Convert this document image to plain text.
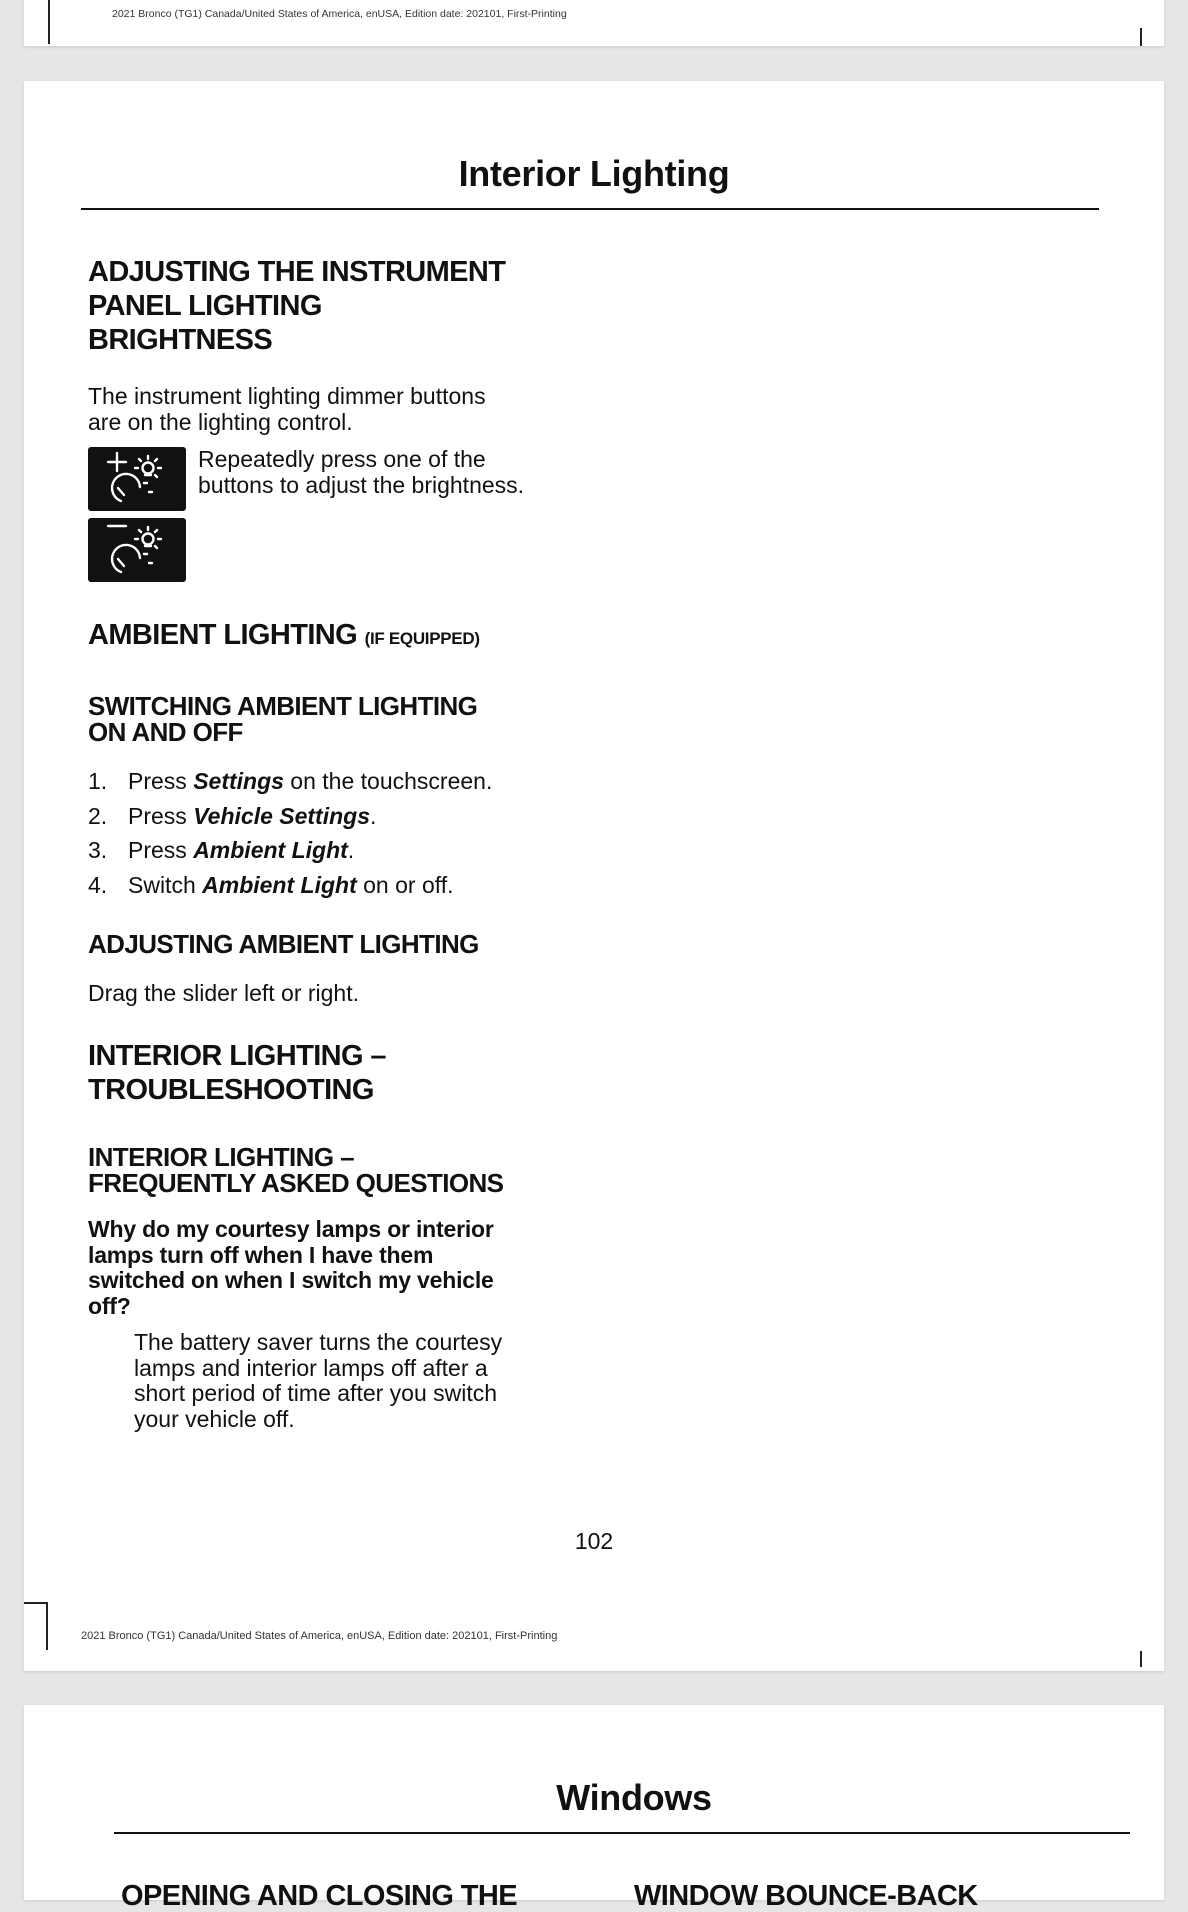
2021 Bronco (TG1) Canada/United States of America, enUSA, Edition date: 202101, First-Printing
Interior Lighting
ADJUSTING THE INSTRUMENT
PANEL LIGHTING
BRIGHTNESS
The instrument lighting dimmer buttons
are on the lighting control.
Repeatedly press one of the
buttons to adjust the brightness.
AMBIENT LIGHTING (IF EQUIPPED)
SWITCHING AMBIENT LIGHTING
ON AND OFF
1. Press Settings on the touchscreen.
2. Press Vehicle Settings.
3. Press Ambient Light.
4. Switch Ambient Light on or off.
ADJUSTING AMBIENT LIGHTING
Drag the slider left or right.
INTERIOR LIGHTING –
TROUBLESHOOTING
INTERIOR LIGHTING –
FREQUENTLY ASKED QUESTIONS
Why do my courtesy lamps or interior
lamps turn off when I have them
switched on when I switch my vehicle
off?
The battery saver turns the courtesy
lamps and interior lamps off after a
short period of time after you switch
your vehicle off.
102
2021 Bronco (TG1) Canada/United States of America, enUSA, Edition date: 202101, First-Printing
Windows
OPENING AND CLOSING THE	WINDOW BOUNCE-BACK
